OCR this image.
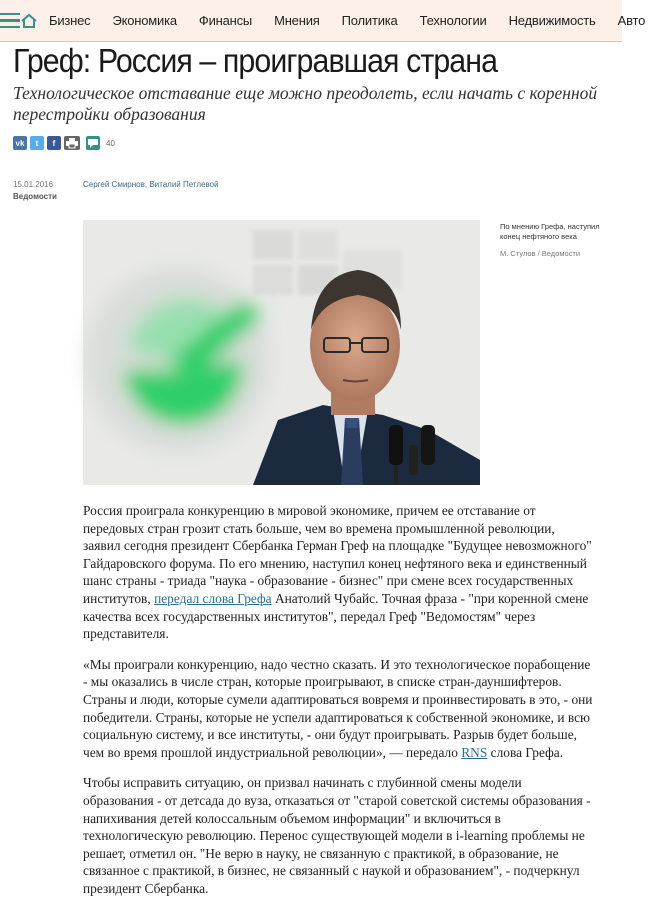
Бизнес	Экономика	Финансы	Мнения	Политика	Технологии	Недвижимость	Авто
Греф: Россия – проигравшая страна
Технологическое отставание еще можно преодолеть, если начать с коренной перестройки образования
vk	t	f	40
15.01.2016
Ведомости
Сергей Смирнов, Виталий Петлевой
По мнению Грефа, наступил конец нефтяного века
М. Стулов / Ведомости

Россия проиграла конкуренцию в мировой экономике, причем ее отставание от передовых стран грозит стать больше, чем во времена промышленной революции, заявил сегодня президент Сбербанка Герман Греф на площадке "Будущее невозможного" Гайдаровского форума. По его мнению, наступил конец нефтяного века и единственный шанс страны - триада "наука - образование - бизнес" при смене всех государственных институтов, передал слова Грефа Анатолий Чубайс. Точная фраза - "при коренной смене качества всех государственных институтов", передал Греф "Ведомостям" через представителя.

«Мы проиграли конкуренцию, надо честно сказать. И это технологическое порабощение - мы оказались в числе стран, которые проигрывают, в списке стран-дауншифтеров. Страны и люди, которые сумели адаптироваться вовремя и проинвестировать в это, - они победители. Страны, которые не успели адаптироваться к собственной экономике, и всю социальную систему, и все институты, - они будут проигрывать. Разрыв будет больше, чем во время прошлой индустриальной революции», — передало RNS слова Грефа.

Чтобы исправить ситуацию, он призвал начинать с глубинной смены модели образования - от детсада до вуза, отказаться от "старой советской системы образования - напихивания детей колоссальным объемом информации" и включиться в технологическую революцию. Перенос существующей модели в i-learning проблемы не решает, отметил он. "Не верю в науку, не связанную с практикой, в образование, не связанное с практикой, в бизнес, не связанный с наукой и образованием", - подчеркнул президент Сбербанка.
